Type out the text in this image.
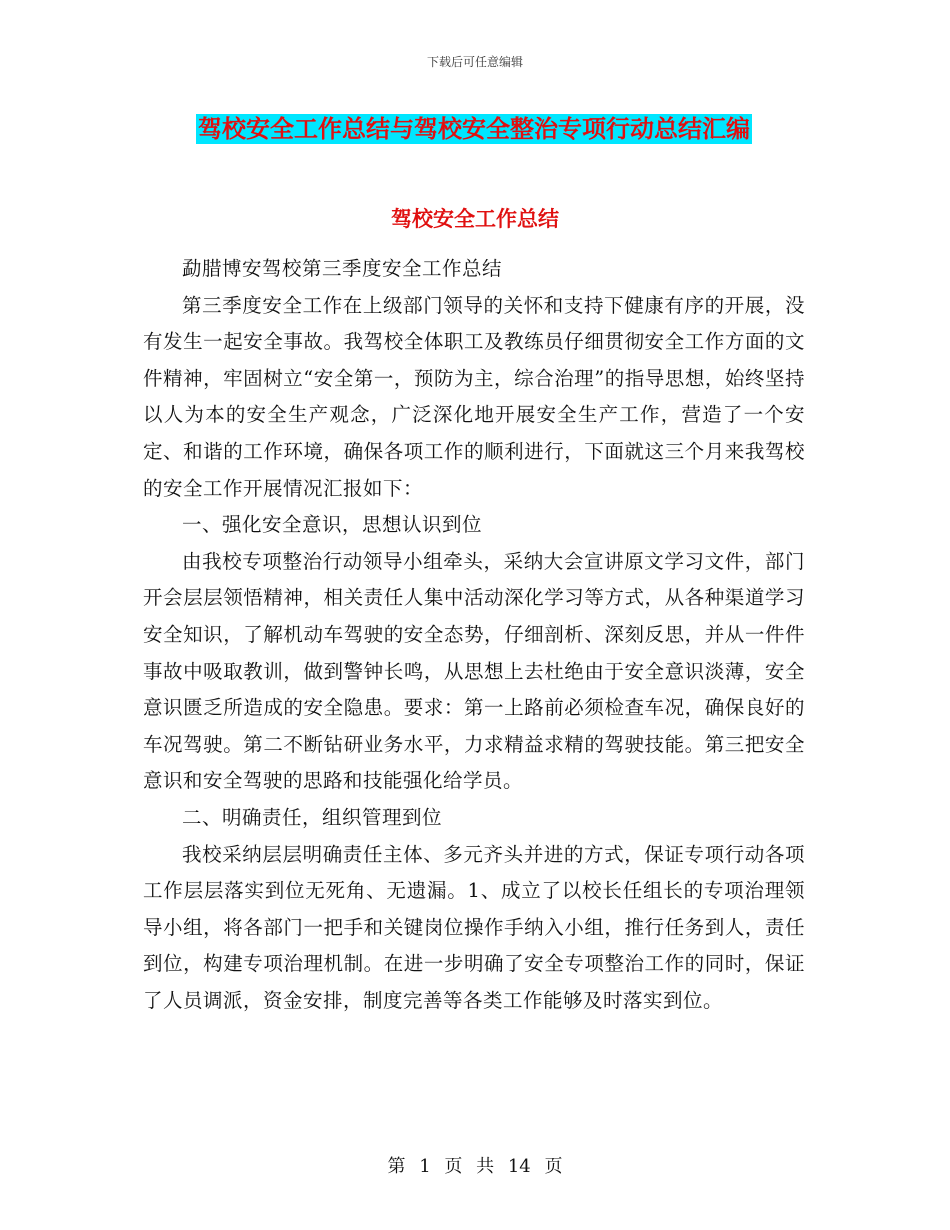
下载后可任意编辑
驾校安全工作总结与驾校安全整治专项行动总结汇编
驾校安全工作总结

勐腊博安驾校第三季度安全工作总结

第三季度安全工作在上级部门领导的关怀和支持下健康有序的开展，没有发生一起安全事故。我驾校全体职工及教练员仔细贯彻安全工作方面的文件精神，牢固树立“安全第一，预防为主，综合治理”的指导思想，始终坚持以人为本的安全生产观念，广泛深化地开展安全生产工作，营造了一个安定、和谐的工作环境，确保各项工作的顺利进行，下面就这三个月来我驾校的安全工作开展情况汇报如下：

一、强化安全意识，思想认识到位

由我校专项整治行动领导小组牵头，采纳大会宣讲原文学习文件，部门开会层层领悟精神，相关责任人集中活动深化学习等方式，从各种渠道学习安全知识，了解机动车驾驶的安全态势，仔细剖析、深刻反思，并从一件件事故中吸取教训，做到警钟长鸣，从思想上去杜绝由于安全意识淡薄，安全意识匮乏所造成的安全隐患。要求：第一上路前必须检查车况，确保良好的车况驾驶。第二不断钻研业务水平，力求精益求精的驾驶技能。第三把安全意识和安全驾驶的思路和技能强化给学员。

二、明确责任，组织管理到位

我校采纳层层明确责任主体、多元齐头并进的方式，保证专项行动各项工作层层落实到位无死角、无遗漏。1、成立了以校长任组长的专项治理领导小组，将各部门一把手和关键岗位操作手纳入小组，推行任务到人，责任到位，构建专项治理机制。在进一步明确了安全专项整治工作的同时，保证了人员调派，资金安排，制度完善等各类工作能够及时落实到位。

第 1 页 共 14 页
